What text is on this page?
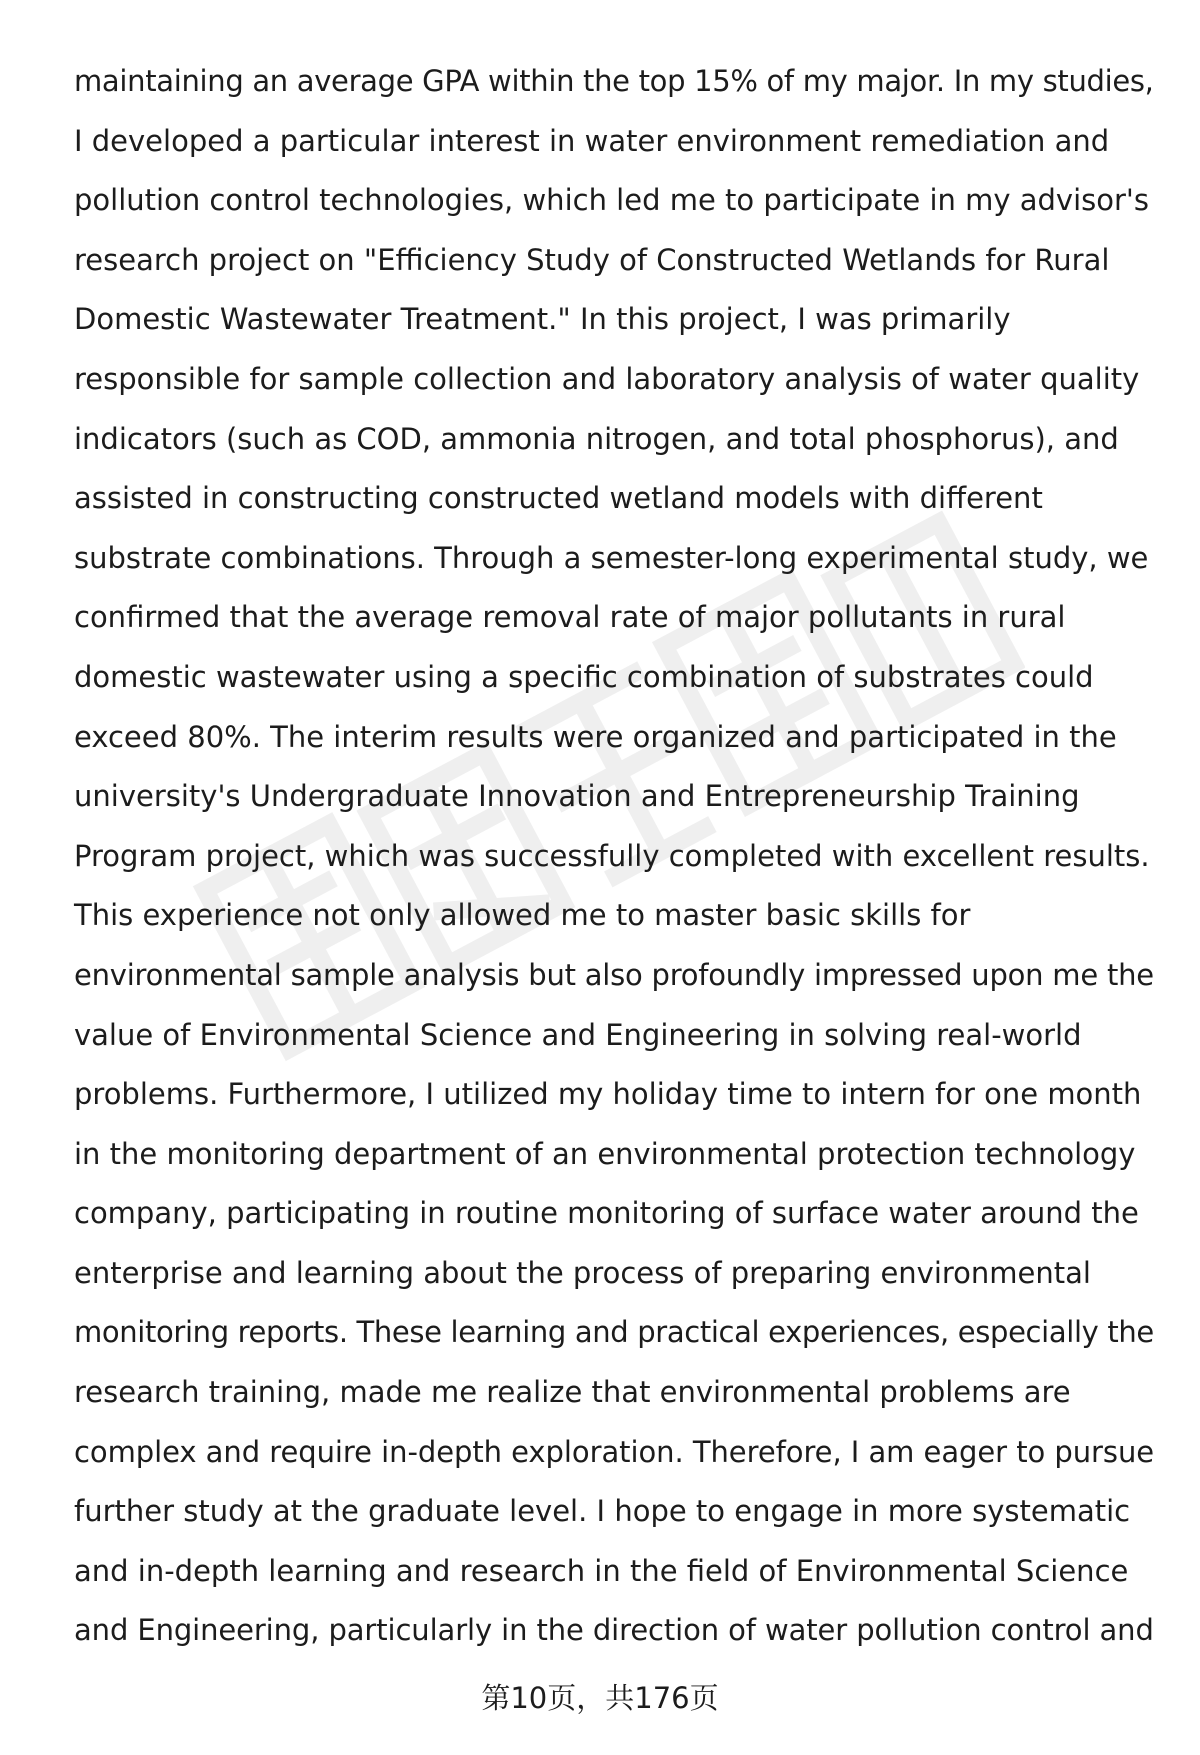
maintaining an average GPA within the top 15% of my major. In my studies,
I developed a particular interest in water environment remediation and
pollution control technologies, which led me to participate in my advisor's
research project on "Efficiency Study of Constructed Wetlands for Rural
Domestic Wastewater Treatment." In this project, I was primarily
responsible for sample collection and laboratory analysis of water quality
indicators (such as COD, ammonia nitrogen, and total phosphorus), and
assisted in constructing constructed wetland models with different
substrate combinations. Through a semester-long experimental study, we
confirmed that the average removal rate of major pollutants in rural
domestic wastewater using a specific combination of substrates could
exceed 80%. The interim results were organized and participated in the
university's Undergraduate Innovation and Entrepreneurship Training
Program project, which was successfully completed with excellent results.
This experience not only allowed me to master basic skills for
environmental sample analysis but also profoundly impressed upon me the
value of Environmental Science and Engineering in solving real-world
problems. Furthermore, I utilized my holiday time to intern for one month
in the monitoring department of an environmental protection technology
company, participating in routine monitoring of surface water around the
enterprise and learning about the process of preparing environmental
monitoring reports. These learning and practical experiences, especially the
research training, made me realize that environmental problems are
complex and require in-depth exploration. Therefore, I am eager to pursue
further study at the graduate level. I hope to engage in more systematic
and in-depth learning and research in the field of Environmental Science
and Engineering, particularly in the direction of water pollution control and
第10页，共176页
